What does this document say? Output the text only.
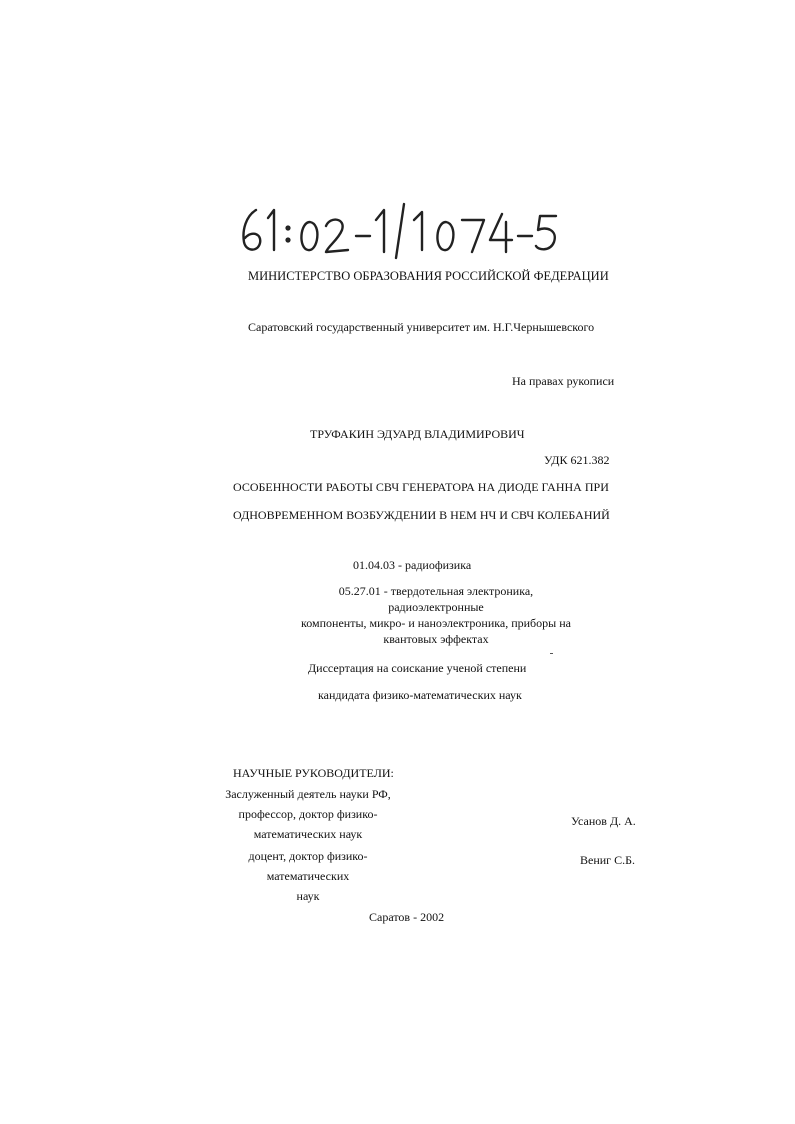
МИНИСТЕРСТВО ОБРАЗОВАНИЯ РОССИЙСКОЙ ФЕДЕРАЦИИ
Саратовский государственный университет им. Н.Г.Чернышевского
На правах рукописи
ТРУФАКИН ЭДУАРД ВЛАДИМИРОВИЧ
УДК 621.382
ОСОБЕННОСТИ РАБОТЫ СВЧ ГЕНЕРАТОРА НА ДИОДЕ ГАННА ПРИ
ОДНОВРЕМЕННОМ ВОЗБУЖДЕНИИ В НЕМ НЧ И СВЧ КОЛЕБАНИЙ
01.04.03 - радиофизика
05.27.01 - твердотельная электроника, радиоэлектронные
компоненты, микро- и наноэлектроника, приборы на
квантовых эффектах
Диссертация на соискание ученой степени
кандидата физико-математических наук
НАУЧНЫЕ РУКОВОДИТЕЛИ:
Заслуженный деятель науки РФ,
профессор, доктор физико-
математических наук
Усанов Д. А.
доцент, доктор физико-математических
наук
Вениг С.Б.
Саратов - 2002
